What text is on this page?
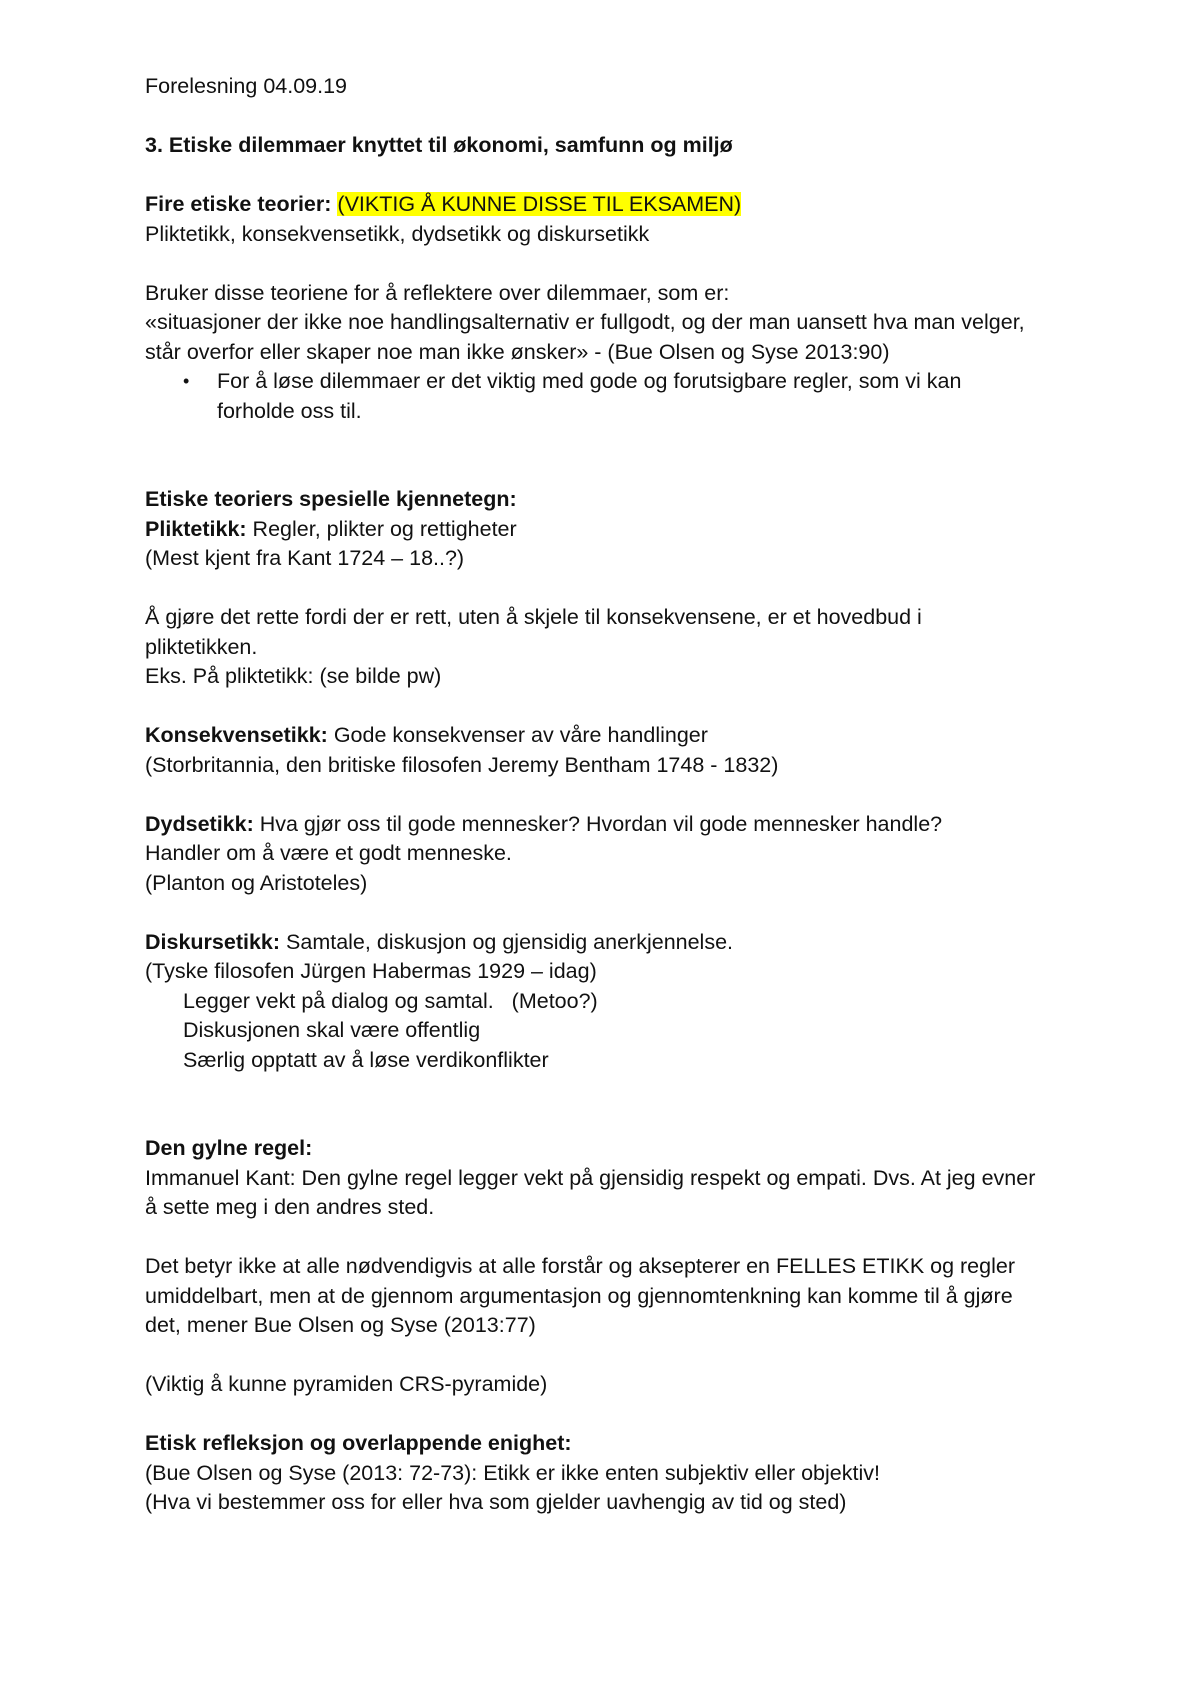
Forelesning 04.09.19

3. Etiske dilemmaer knyttet til økonomi, samfunn og miljø

Fire etiske teorier: (VIKTIG Å KUNNE DISSE TIL EKSAMEN)

Pliktetikk, konsekvensetikk, dydsetikk og diskursetikk

Bruker disse teoriene for å reflektere over dilemmaer, som er:

«situasjoner der ikke noe handlingsalternativ er fullgodt, og der man uansett hva man velger,

står overfor eller skaper noe man ikke ønsker» - (Bue Olsen og Syse 2013:90)

•	For å løse dilemmaer er det viktig med gode og forutsigbare regler, som vi kan
forholde oss til.

Etiske teoriers spesielle kjennetegn:

Pliktetikk: Regler, plikter og rettigheter

(Mest kjent fra Kant 1724 – 18..?)

Å gjøre det rette fordi der er rett, uten å skjele til konsekvensene, er et hovedbud i

pliktetikken.

Eks. På pliktetikk: (se bilde pw)

Konsekvensetikk: Gode konsekvenser av våre handlinger

(Storbritannia, den britiske filosofen Jeremy Bentham 1748 - 1832)

Dydsetikk: Hva gjør oss til gode mennesker? Hvordan vil gode mennesker handle?

Handler om å være et godt menneske.

(Planton og Aristoteles)

Diskursetikk: Samtale, diskusjon og gjensidig anerkjennelse.

(Tyske filosofen Jürgen Habermas 1929 – idag)

Legger vekt på dialog og samtal.   (Metoo?)

Diskusjonen skal være offentlig

Særlig opptatt av å løse verdikonflikter

Den gylne regel:

Immanuel Kant: Den gylne regel legger vekt på gjensidig respekt og empati. Dvs. At jeg evner

å sette meg i den andres sted.

Det betyr ikke at alle nødvendigvis at alle forstår og aksepterer en FELLES ETIKK og regler

umiddelbart, men at de gjennom argumentasjon og gjennomtenkning kan komme til å gjøre

det, mener Bue Olsen og Syse (2013:77)

(Viktig å kunne pyramiden CRS-pyramide)

Etisk refleksjon og overlappende enighet:

(Bue Olsen og Syse (2013: 72-73): Etikk er ikke enten subjektiv eller objektiv!

(Hva vi bestemmer oss for eller hva som gjelder uavhengig av tid og sted)
